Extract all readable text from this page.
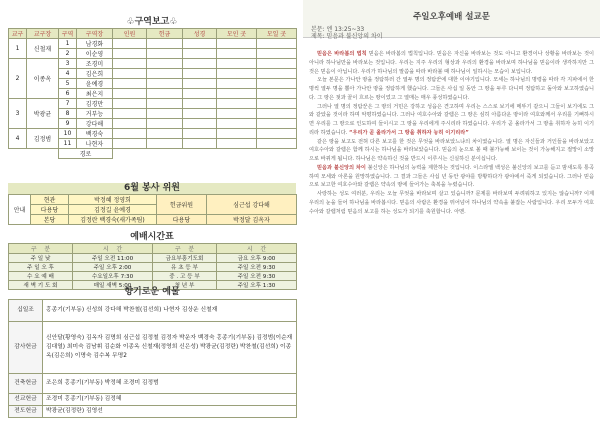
♧구역보고♧
교구	교구장	구역	구역장	인원	헌금	성경	모인 곳	모일 곳
1	신철재	1	남경화					
		2	이순영					
2	이종옥	3	조경미					
		4	김은희					
		5	윤예경					
		6	최은지					
3	박광균	7	김경만					
		8	거부능					
		9	강다해					
4	김정범	10	백경숙					
		11	나현자					
		경로						
6월 봉사 위원
안내	현관	박정혜 정영희	헌금위원	심근섭 강다해
	다용당	김정길 윤예경		
	본당	김정란 백경숙(새가족팀)	다용당	박정달 김옥자
예배시간표
구 분	시 간	구 분	시 간
주 일 낮	주일 오전 11:00	금요부흥기도회	금요 오후 9:00
주 일 오 후	주일 오후 2:00	유 초 등 부	주일 오전 9:30
수 요 예 배	수요일오후 7:30	중 . 고 등 부	주일 오전 9:30
새 벽 기 도 회	매일 새벽 5:00	청 년 부	주일 오후 1:30
향기로운 예물
십일조	홍종기(기부동) 신성희 강다해 박찬철(김선희) 나현자 김상운 신철재
감사헌금	신안달(황영숙) 김옥자 김명희 심근섭 김정철 김정자 박운자 백경숙 홍종기(기부동) 김정범(이순재 김대열) 최미숙 김남휘 김순화 이종옥 신철재(정영희 신은성) 박광균(김정란) 박찬철(김선희) 이종옥(김은희) 이명숙 김수복 무명2
건축헌금	조은희 홍종기(기부동) 박정혜 조경미 김정범
선교헌금	조경미 홍종기(기부동) 김정혜
전도헌금	박광균(김정란) 김영선
주일오후예배 설교문
본문: 엔 13:25~33
제목: 믿음과 불신앙의 차이

믿음은 바라봄의 법칙 믿음은 바라봄의 법칙입니다. 믿음은 자신을 바라보는 것도 아니고 환경이나 상황을 바라보는 것이 아니라 하나님만을 바라보는 것입니다. 우리는 지주 우리의 형상과 우리의 환경을 바라보며 하나님을 믿음이라 생각하지만 그것은 믿음이 아닙니다. 우리가 하나님의 말씀을 따라 바라볼 때 하나님이 일하시는 모습이 보입니다.

오늘 본문은 가나안 땅을 정탐하러 간 열두 명의 정탐꾼에 대한 이야기입니다. 모세는 하나님의 명령을 따라 각 지파에서 한 명씩 열두 명을 뽑아 가나안 땅을 정탐하게 했습니다. 그들은 사십 일 동안 그 땅을 두루 다니며 정탐하고 돌아와 보고하였습니다. 그 땅은 젖과 꿀이 흐르는 땅이었고 그 열매는 매우 풍성하였습니다.

그러나 열 명의 정탐꾼은 그 땅의 거민은 강하고 성읍은 견고하며 우리는 스스로 보기에 메뚜기 같으니 그들이 보기에도 그와 같았을 것이라 하며 악평하였습니다. 그러나 여호수아와 갈렙은 그 땅은 심히 아름다운 땅이라 여호와께서 우리를 기뻐하시면 우리를 그 땅으로 인도하여 들이시고 그 땅을 우리에게 주시리라 하였습니다. 우리가 곧 올라가서 그 땅을 취하자 능히 이기리라 하였습니다. “우리가 곧 올라가서 그 땅을 취하자 능히 이기리라”

같은 땅을 보고도 전혀 다른 보고를 한 것은 무엇을 바라보았느냐의 차이였습니다. 열 명은 자신들과 거인들을 바라보았고 여호수아와 갈렙은 함께 하시는 하나님을 바라보았습니다. 믿음의 눈으로 볼 때 불가능해 보이는 것이 가능해지고 절망이 소망으로 바뀌게 됩니다. 하나님은 약속하신 것을 반드시 이루시는 신실하신 분이십니다.

믿음과 불신앙의 차이 불신앙은 하나님의 능력을 제한하는 것입니다. 이스라엘 백성은 불신앙의 보고를 듣고 밤새도록 통곡하며 모세와 아론을 원망하였습니다. 그 결과 그들은 사십 년 동안 광야를 방황하다가 광야에서 죽게 되었습니다. 그러나 믿음으로 보고한 여호수아와 갈렙은 약속의 땅에 들어가는 축복을 누렸습니다.

사랑하는 성도 여러분, 우리는 오늘 무엇을 바라보며 살고 있습니까? 문제를 바라보며 두려워하고 있지는 않습니까? 이제 우리의 눈을 들어 하나님을 바라봅시다. 믿음의 사람은 환경을 뛰어넘어 하나님의 약속을 붙잡는 사람입니다. 우리 모두가 여호수아와 갈렙처럼 믿음의 보고를 하는 성도가 되기를 축원합니다. 아멘.
